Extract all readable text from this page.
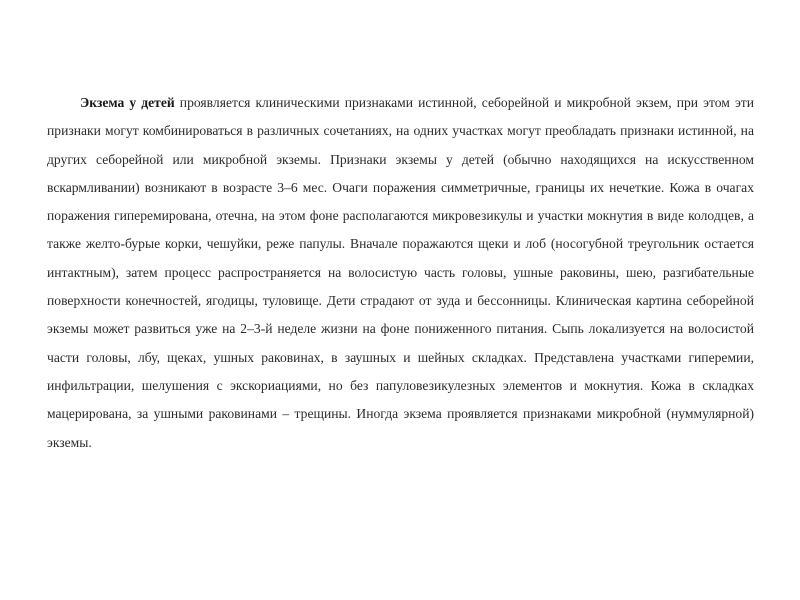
Экзема у детей проявляется клиническими признаками истинной, себорейной и микробной экзем, при этом эти признаки могут комбинироваться в различных сочетаниях, на одних участках могут преобладать признаки истинной, на других себорейной или микробной экземы. Признаки экземы у детей (обычно находящихся на искусственном вскармливании) возникают в возрасте 3–6 мес. Очаги поражения симметричные, границы их нечеткие. Кожа в очагах поражения гиперемирована, отечна, на этом фоне располагаются микровезикулы и участки мокнутия в виде колодцев, а также желто‑бурые корки, чешуйки, реже папулы. Вначале поражаются щеки и лоб (носогубной треугольник остается интактным), затем процесс распространяется на волосистую часть головы, ушные раковины, шею, разгибательные поверхности конечностей, ягодицы, туловище. Дети страдают от зуда и бессонницы. Клиническая картина себорейной экземы может развиться уже на 2–3‑й неделе жизни на фоне пониженного питания. Сыпь локализуется на волосистой части головы, лбу, щеках, ушных раковинах, в заушных и шейных складках. Представлена участками гиперемии, инфильтрации, шелушения с экскориациями, но без папуловезикулезных элементов и мокнутия. Кожа в складках мацерирована, за ушными раковинами – трещины. Иногда экзема проявляется признаками микробной (нуммулярной) экземы.
